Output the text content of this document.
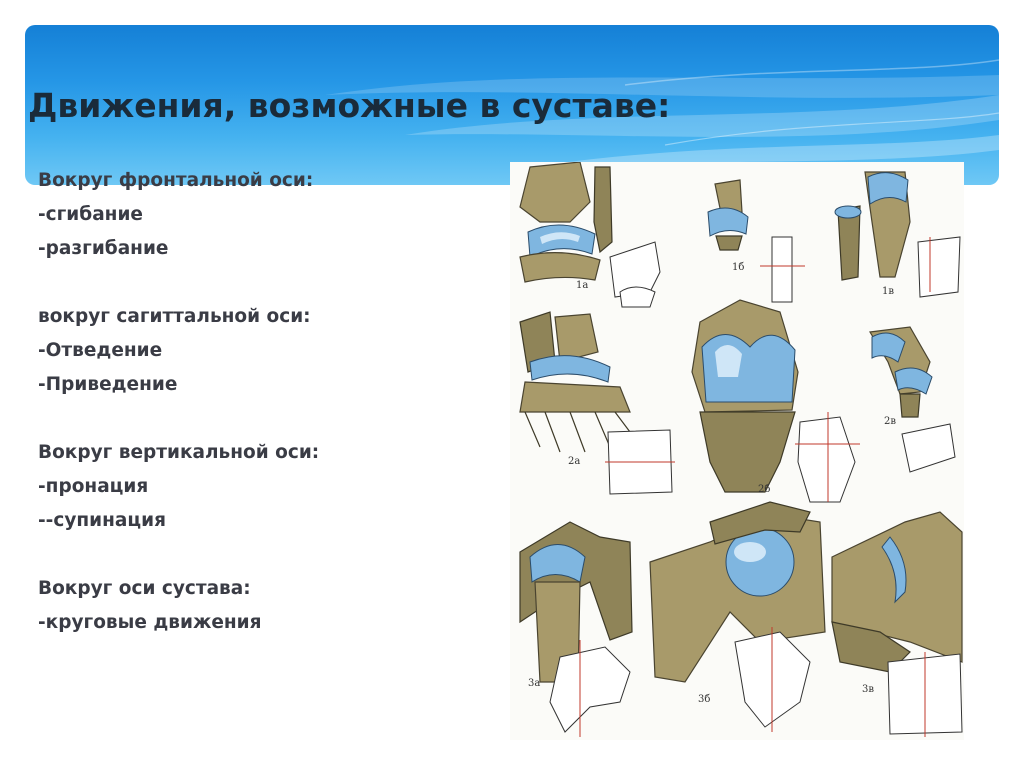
Движения, возможные в суставе:
Вокруг фронтальной оси:
-сгибание
-разгибание
вокруг сагиттальной оси:
-Отведение
-Приведение
Вокруг вертикальной оси:
-пронация
--супинация
Вокруг оси сустава:
-круговые движения
1а
1б
1в
2а
2б
2в
3а
3б
3в
